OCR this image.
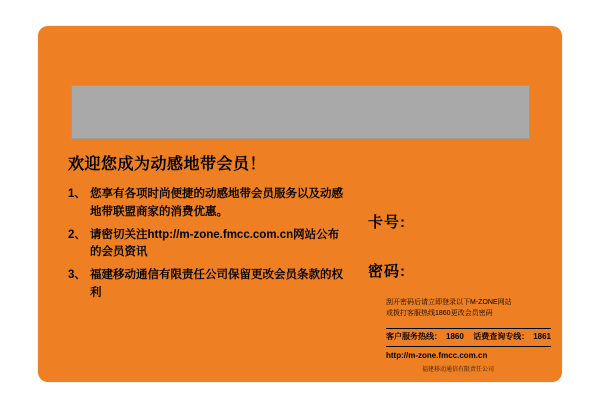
欢迎您成为动感地带会员！
1、 您享有各项时尚便捷的动感地带会员服务以及动感地带联盟商家的消费优惠。
2、 请密切关注http://m-zone.fmcc.com.cn网站公布的会员资讯
3、 福建移动通信有限责任公司保留更改会员条款的权利
卡号:
密码:
刮开密码后请立即登录以下M-ZONE网站
或拨打客服热线1860更改会员密码
客户服务热线： 1860 话费查询专线： 1861
http://m-zone.fmcc.com.cn
福建移动通信有限责任公司
